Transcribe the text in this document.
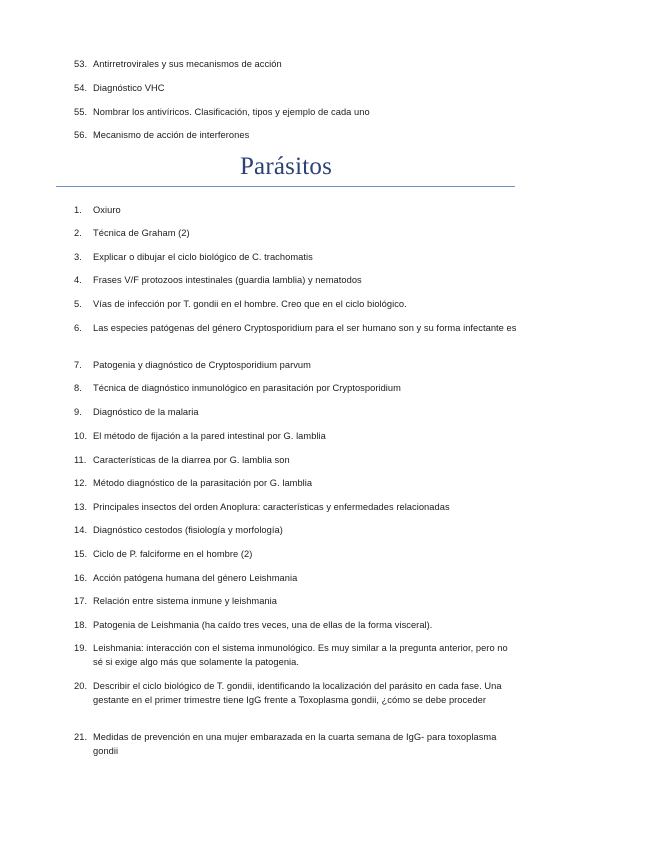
53. Antirretrovirales y sus mecanismos de acción
54. Diagnóstico VHC
55. Nombrar los antivíricos. Clasificación, tipos y ejemplo de cada uno
56. Mecanismo de acción de interferones
Parásitos
1.	Oxiuro
2.	Técnica de Graham (2)
3.	Explicar o dibujar el ciclo biológico de C. trachomatis
4.	Frases V/F protozoos intestinales (guardia lamblia) y nematodos
5.	Vías de infección por T. gondii en el hombre. Creo que en el ciclo biológico.
6.	Las especies patógenas del género Cryptosporidium para el ser humano son y su forma infectante es
7.	Patogenia y diagnóstico de Cryptosporidium parvum
8.	Técnica de diagnóstico inmunológico en parasitación por Cryptosporidium
9.	Diagnóstico de la malaria
10. El método de fijación a la pared intestinal por G. lamblia
11. Características de la diarrea por G. lamblia son
12. Método diagnóstico de la parasitación por G. lamblia
13. Principales insectos del orden Anoplura: características y enfermedades relacionadas
14. Diagnóstico cestodos (fisiología y morfología)
15. Ciclo de P. falciforme en el hombre (2)
16. Acción patógena humana del género Leishmania
17. Relación entre sistema inmune y leishmania
18. Patogenia de Leishmania (ha caído tres veces, una de ellas de la forma visceral).
19. Leishmania: interacción con el sistema inmunológico. Es muy similar a la pregunta anterior, pero no sé si exige algo más que solamente la patogenia.
20. Describir el ciclo biológico de T. gondii, identificando la localización del parásito en cada fase. Una gestante en el primer trimestre tiene IgG frente a Toxoplasma gondii, ¿cómo se debe proceder
21. Medidas de prevención en una mujer embarazada en la cuarta semana de IgG- para toxoplasma gondii
